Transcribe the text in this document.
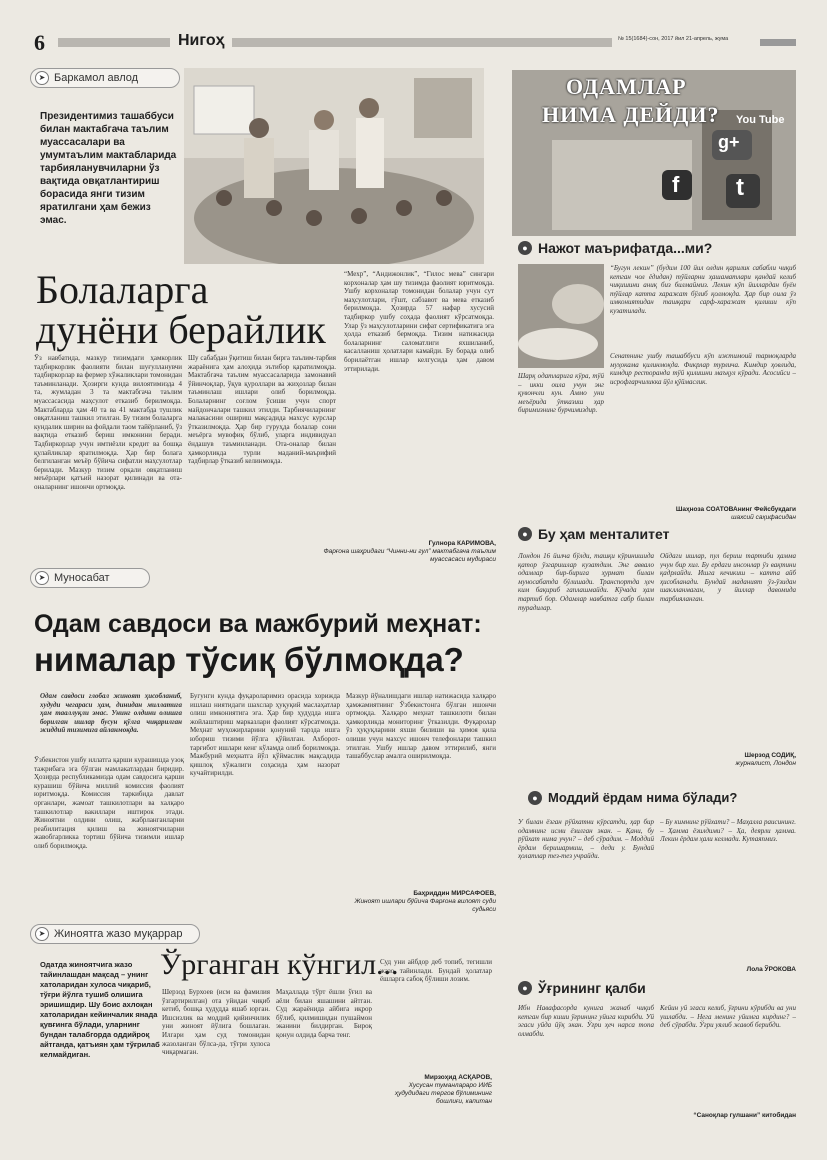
6	Нигоҳ	№ 15(1684)-сон, 2017 йил 21-апрель, жума
➤ Баркамол авлод
Президентимиз ташаббуси билан мактабгача таълим муассасалари ва умумтаълим мактабларида тарбияланувчиларни ўз вақтида овқатлантириш борасида янги тизим яратилгани ҳам бежиз эмас.
Болаларга
дунёни берайлик
Ўз навбатида, мазкур тизимдаги ҳамкорлик тадбиркорлик фаолияти билан шуғулланувчи тадбиркорлар ва фермер хўжаликлари томонидан таъминланади. Ҳозирги кунда вилоятимизда 4 та, жумладан 3 та мактабгача таълим муассасасида маҳсулот етказиб берилмоқда. Мактабларда ҳам 40 та ва 41 мактабда тушлик овқатланиш ташкил этилган. Бу тизим болаларга кундалик ширин ва фойдали таом тайёрланиб, ўз вақтида етказиб бериш имконини беради. Тадбиркорлар учун имтиёзли кредит ва бошқа қулайликлар яратилмоқда. Ҳар бир болага белгиланган меъёр бўйича сифатли маҳсулотлар берилади. Мазкур тизим орқали овқатланиш меъёрлари қатъий назорат қилинади ва ота-оналарнинг ишончи ортмоқда.
Шу сабабдан ўқитиш билан бирга таълим-тарбия жараёнига ҳам алоҳида эътибор қаратилмоқда. Мактабгача таълим муассасаларида замонавий ўйинчоқлар, ўқув қуроллари ва жиҳозлар билан таъминлаш ишлари олиб борилмоқда. Болаларнинг соғлом ўсиши учун спорт майдончалари ташкил этилди. Тарбиячиларнинг малакасини ошириш мақсадида махсус курслар ўтказилмоқда. Ҳар бир гуруҳда болалар сони меъёрга мувофиқ бўлиб, уларга индивидуал ёндашув таъминланади. Ота-оналар билан ҳамкорликда турли маданий-маърифий тадбирлар ўтказиб келинмоқда.
“Мехр”, “Андижонлик”, “Гилос мева” сингари корхоналар ҳам шу тизимда фаолият юритмоқда. Ушбу корхоналар томонидан болалар учун сут маҳсулотлари, гўшт, сабзавот ва мева етказиб берилмоқда. Ҳозирда 57 нафар хусусий тадбиркор ушбу соҳада фаолият кўрсатмоқда. Улар ўз маҳсулотларини сифат сертификатига эга ҳолда етказиб бермоқда. Тизим натижасида болаларнинг саломатлиги яхшиланиб, касалланиш ҳолатлари камайди. Бу борада олиб борилаётган ишлар келгусида ҳам давом эттирилади.
Гулнора КАРИМОВА,
Фарғона шаҳридаги “Чинни-ни гул” мактабгача таълим муассасаси мудираси
➤ Муносабат
Одам савдоси ва мажбурий меҳнат:
нималар тўсиқ бўлмоқда?
Одам савдоси глобал жиноят ҳисобланиб, худуди чегараси ҳам, динидан миллатига ҳам тааллуқли эмас. Унинг олдини олишга борилган ишлар бусун қўлга чиқарилган жиддий тизимига айланмоқда.
Ўзбекистон ушбу иллатга қарши курашишда узоқ тажрибага эга бўлган мамлакатлардан биридир. Ҳозирда республикамизда одам савдосига қарши курашиш бўйича миллий комиссия фаолият юритмоқда. Комиссия таркибида давлат органлари, жамоат ташкилотлари ва халқаро ташкилотлар вакиллари иштирок этади. Жиноятни олдини олиш, жабрланганларни реабилитация қилиш ва жиноятчиларни жавобгарликка тортиш бўйича тизимли ишлар олиб борилмоқда.
Бугунги кунда фуқароларимиз орасида хорижда ишлаш ниятидаги шахслар ҳуқуқий маслаҳатлар олиш имкониятига эга. Ҳар бир ҳудудда ишга жойлаштириш марказлари фаолият кўрсатмоқда. Меҳнат муҳожирларини қонуний тарзда ишга юбориш тизими йўлга қўйилган. Ахборот-тарғибот ишлари кенг кўламда олиб борилмоқда. Мажбурий меҳнатга йўл қўймаслик мақсадида қишлоқ хўжалиги соҳасида ҳам назорат кучайтирилди.
Мазкур йўналишдаги ишлар натижасида халқаро ҳамжамиятнинг Ўзбекистонга бўлган ишончи ортмоқда. Халқаро меҳнат ташкилоти билан ҳамкорликда мониторинг ўтказилди. Фуқаролар ўз ҳуқуқларини яхши билиши ва ҳимоя қила олиши учун махсус ишонч телефонлари ташкил этилган. Ушбу ишлар давом эттирилиб, янги ташаббуслар амалга оширилмоқда.
Баҳриддин МИРСАФОЕВ,
Жиноят ишлари бўйича Фарғона вилоят суди судьяси
➤ Жиноятга жазо муқаррар
Одатда жиноятчига жазо тайинлашдан мақсад – унинг хатоларидан хулоса чиқариб, тўғри йўлга тушиб олишига эришишдир. Шу боис ахлоқан хатоларидан кейинчалик янада қувғинга бўлади, уларнинг бундан талабгорда оддийроқ айтганда, қатъиян ҳам тўғрилаб келмайдиган.
Ўрганган кўнгил...
Шерзод Бурхоев (исм ва фамилия ўзгартирилган) ота уйидан чиқиб кетиб, бошқа ҳудудда яшаб юрган. Ишсизлик ва моддий қийинчилик уни жиноят йўлига бошлаган. Илгари ҳам суд томонидан жазоланган бўлса-да, тўғри хулоса чиқармаган.
Маҳаллада тўрт ёшли ўғил ва аёли билан яшашини айтган. Суд жараёнида айбига иқрор бўлиб, қилмишидан пушаймон эканини билдирган. Бироқ қонун олдида барча тенг.
Суд уни айбдор деб топиб, тегишли жазо тайинлади. Бундай ҳолатлар ёшларга сабоқ бўлиши лозим.
Мирзоҳид АСҚАРОВ,
Хусусан туманлараро ИИБ ҳудудидаги тергов бўлимининг бошлиғи, капитан
ОДАМЛАР
НИМА ДЕЙДИ? You Tube
f
g+
t
● Нажот маърифатда...ми?
“Бугун лекин” (будим 100 йил олдин қарилик сабабли чиқиб кетган чол ёдидан) тўйларни ҳашаматлари қандай келиб чиқишини аниқ биз билмаймиз. Лекин кўп йиллардан буён тўйлар катта харажат бўлиб қолмоқда. Ҳар бир оила ўз имкониятидан ташқари сарф-харажат қилиши кўп кузатилади.
Сенатнинг ушбу ташаббуси кўп ижтимоий тармоқларда муҳокама қилинмоқда. Фикрлар турлича. Кимдир ҳовлида, кимдир ресторанда тўй қилишни маъқул кўради. Асосийси – исрофгарчиликка йўл қўймаслик.
Шарқ одатларига кўра, тўй – икки оила учун энг қувончли кун. Аммо уни меъёрида ўтказиш ҳар биримизнинг бурчимиздир.
Шаҳноза СОАТОВАнинг Фейсбукдаги
шахсий саҳифасидан
● Бу ҳам менталитет
Лондон 16 йилча бўлди, ташқи кўринишида қатор ўзгаришлар кузатдим. Энг аввало одамлар бир-бирига ҳурмат билан муносабатда бўлишади. Транспортда ҳеч ким бақириб гаплашмайди. Кўчада ҳам тартиб бор. Одамлар навбатга сабр билан турадилар.
Ойдаги ишлар, пул бериш тартиби ҳамма учун бир хил. Бу ердаги инсонлар ўз вақтини қадрлайди. Ишга кечикиш – катта айб ҳисобланади. Бундай маданият ўз-ўзидан шаклланмаган, у йиллар давомида тарбияланган.
Шерзод СОДИҚ,
журналист, Лондон
● Моддий ёрдам нима бўлади?
У билан ёзган рўйхатни кўрсатди, ҳар бир одамнинг исми ёзилган экан. – Қани, бу рўйхат нима учун? – деб сўрадим. – Моддий ёрдам беришармиш, – деди у. Бундай ҳолатлар тез-тез учрайди.
– Бу кимнинг рўйхати? – Маҳалла раисининг. – Ҳамма ёзилдими? – Ҳа, деярли ҳамма. Лекин ёрдам ҳали келмади. Кутаяпмиз.
Лола ЎРОКОВА
● Ўғрининг қалби
Ибн Навафасорда кунига жанаб чиқиб кетган бир киши ўғрининг уйига кирибди. Уй эгаси уйда йўқ экан. Ўғри ҳеч нарса топа олмабди.
Кейин уй эгаси келиб, ўғрини кўрибди ва уни ушлабди. – Нега менинг уйимга кирдинг? – деб сўрабди. Ўғри уялиб жавоб берибди.
“Саноқлар гулшани” китобидан
